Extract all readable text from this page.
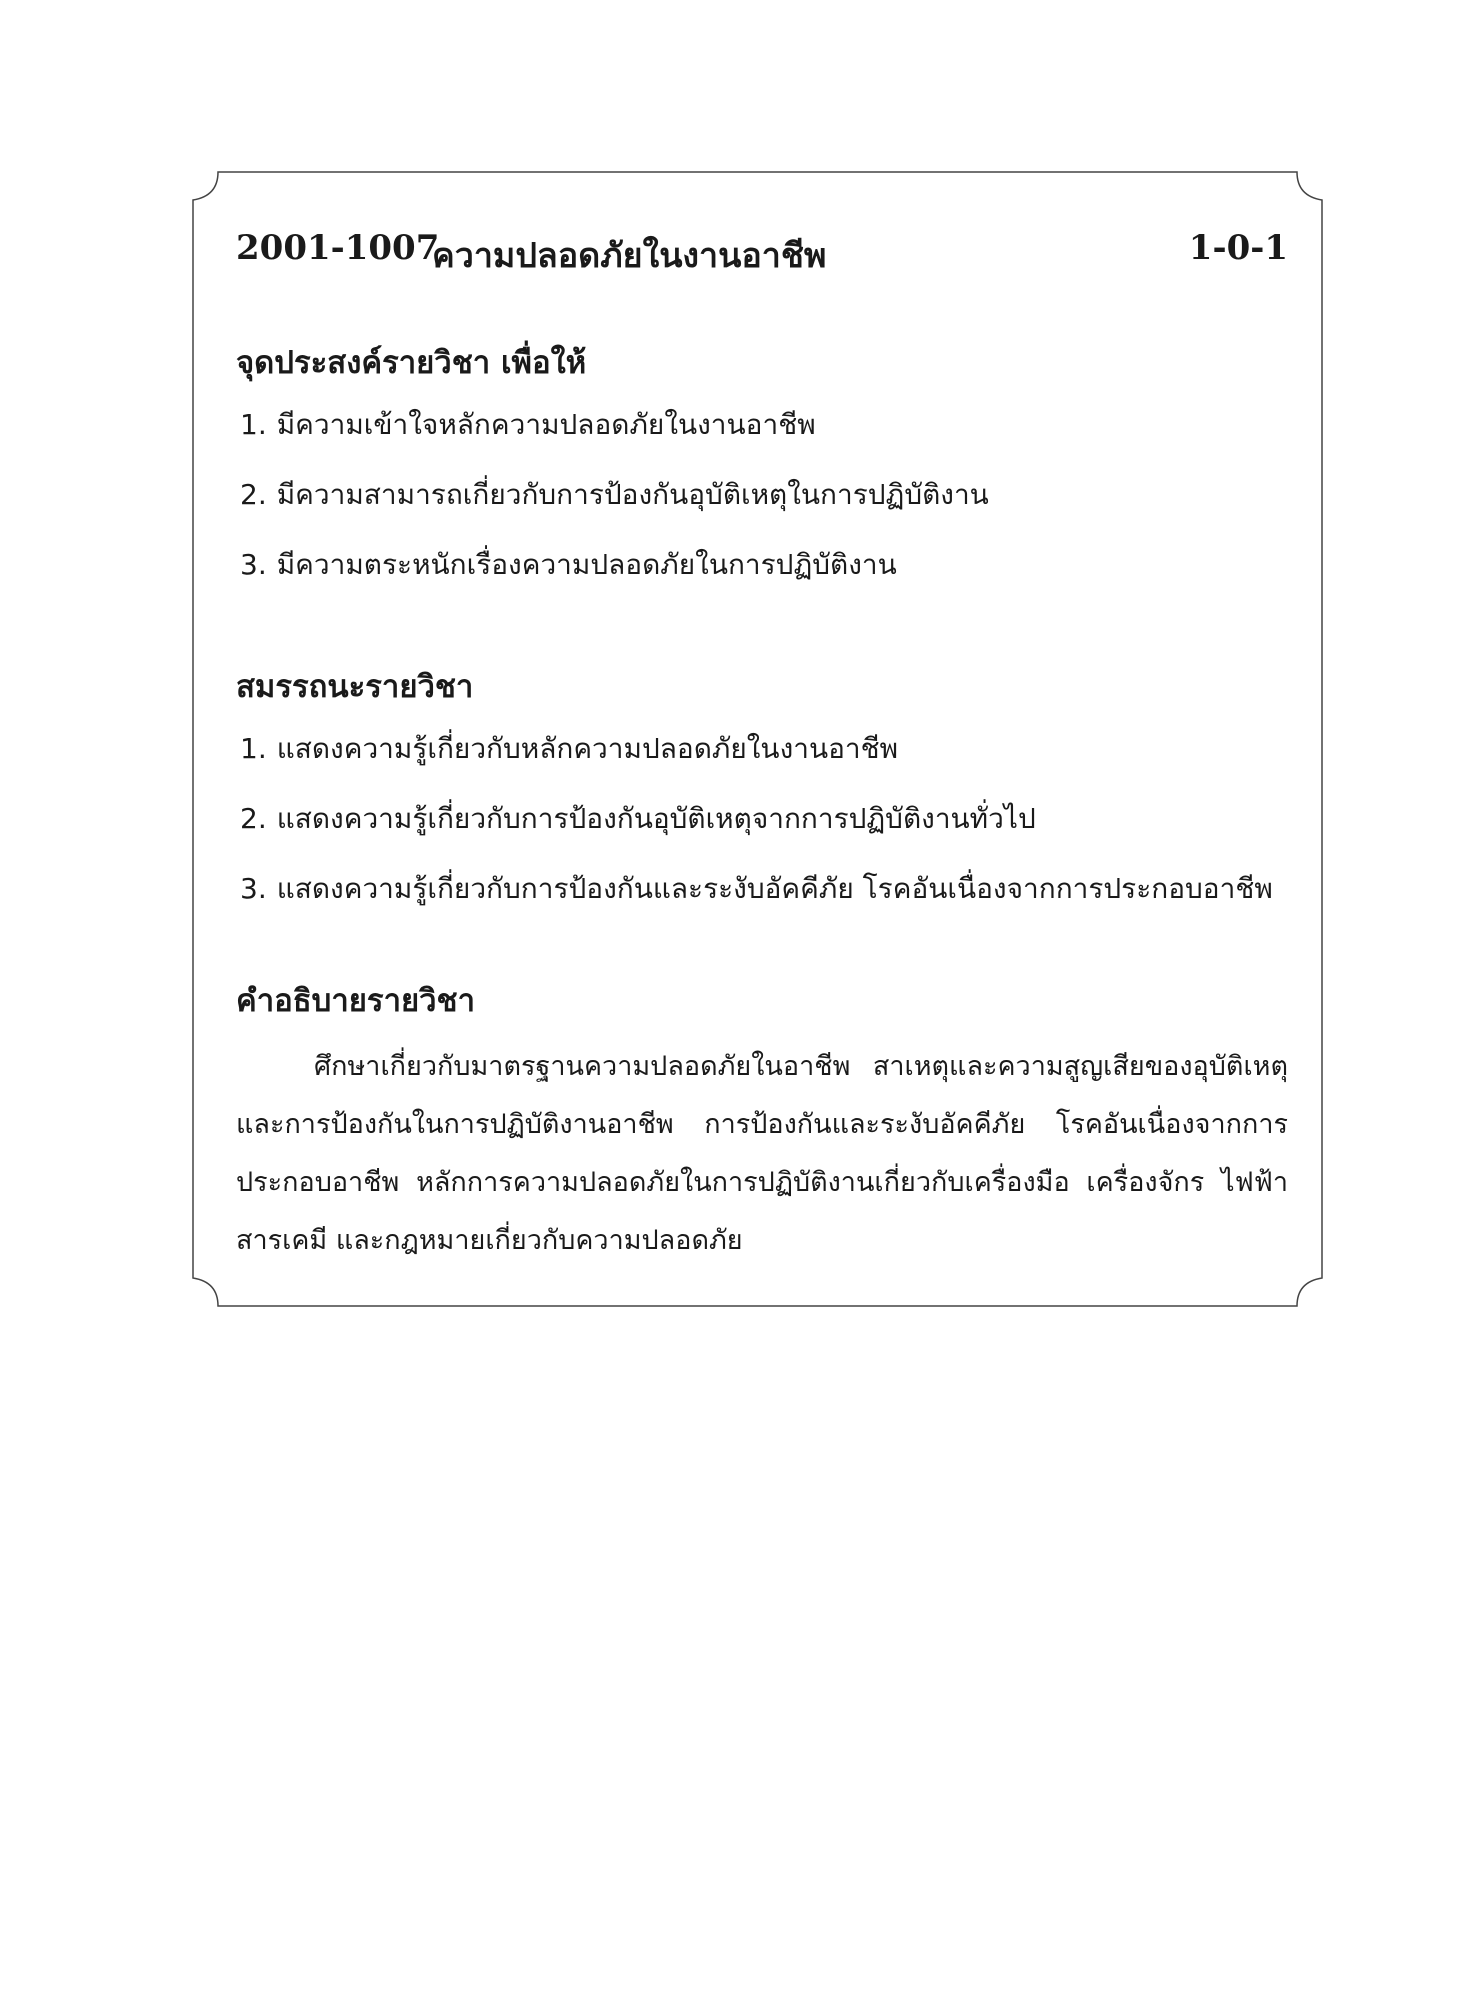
2001-1007
ความปลอดภัยในงานอาชีพ	1-0-1
จุดประสงค์รายวิชา เพื่อให้
1. มีความเข้าใจหลักความปลอดภัยในงานอาชีพ
2. มีความสามารถเกี่ยวกับการป้องกันอุบัติเหตุในการปฏิบัติงาน
3. มีความตระหนักเรื่องความปลอดภัยในการปฏิบัติงาน
สมรรถนะรายวิชา
1. แสดงความรู้เกี่ยวกับหลักความปลอดภัยในงานอาชีพ
2. แสดงความรู้เกี่ยวกับการป้องกันอุบัติเหตุจากการปฏิบัติงานทั่วไป
3. แสดงความรู้เกี่ยวกับการป้องกันและระงับอัคคีภัย โรคอันเนื่องจากการประกอบอาชีพ
คำอธิบายรายวิชา

ศึกษาเกี่ยวกับมาตรฐานความปลอดภัยในอาชีพ สาเหตุและความสูญเสียของอุบัติเหตุและการป้องกันในการปฏิบัติงานอาชีพ การป้องกันและระงับอัคคีภัย โรคอันเนื่องจากการประกอบอาชีพ หลักการความปลอดภัยในการปฏิบัติงานเกี่ยวกับเครื่องมือ เครื่องจักร ไฟฟ้า สารเคมี และกฎหมายเกี่ยวกับความปลอดภัย
